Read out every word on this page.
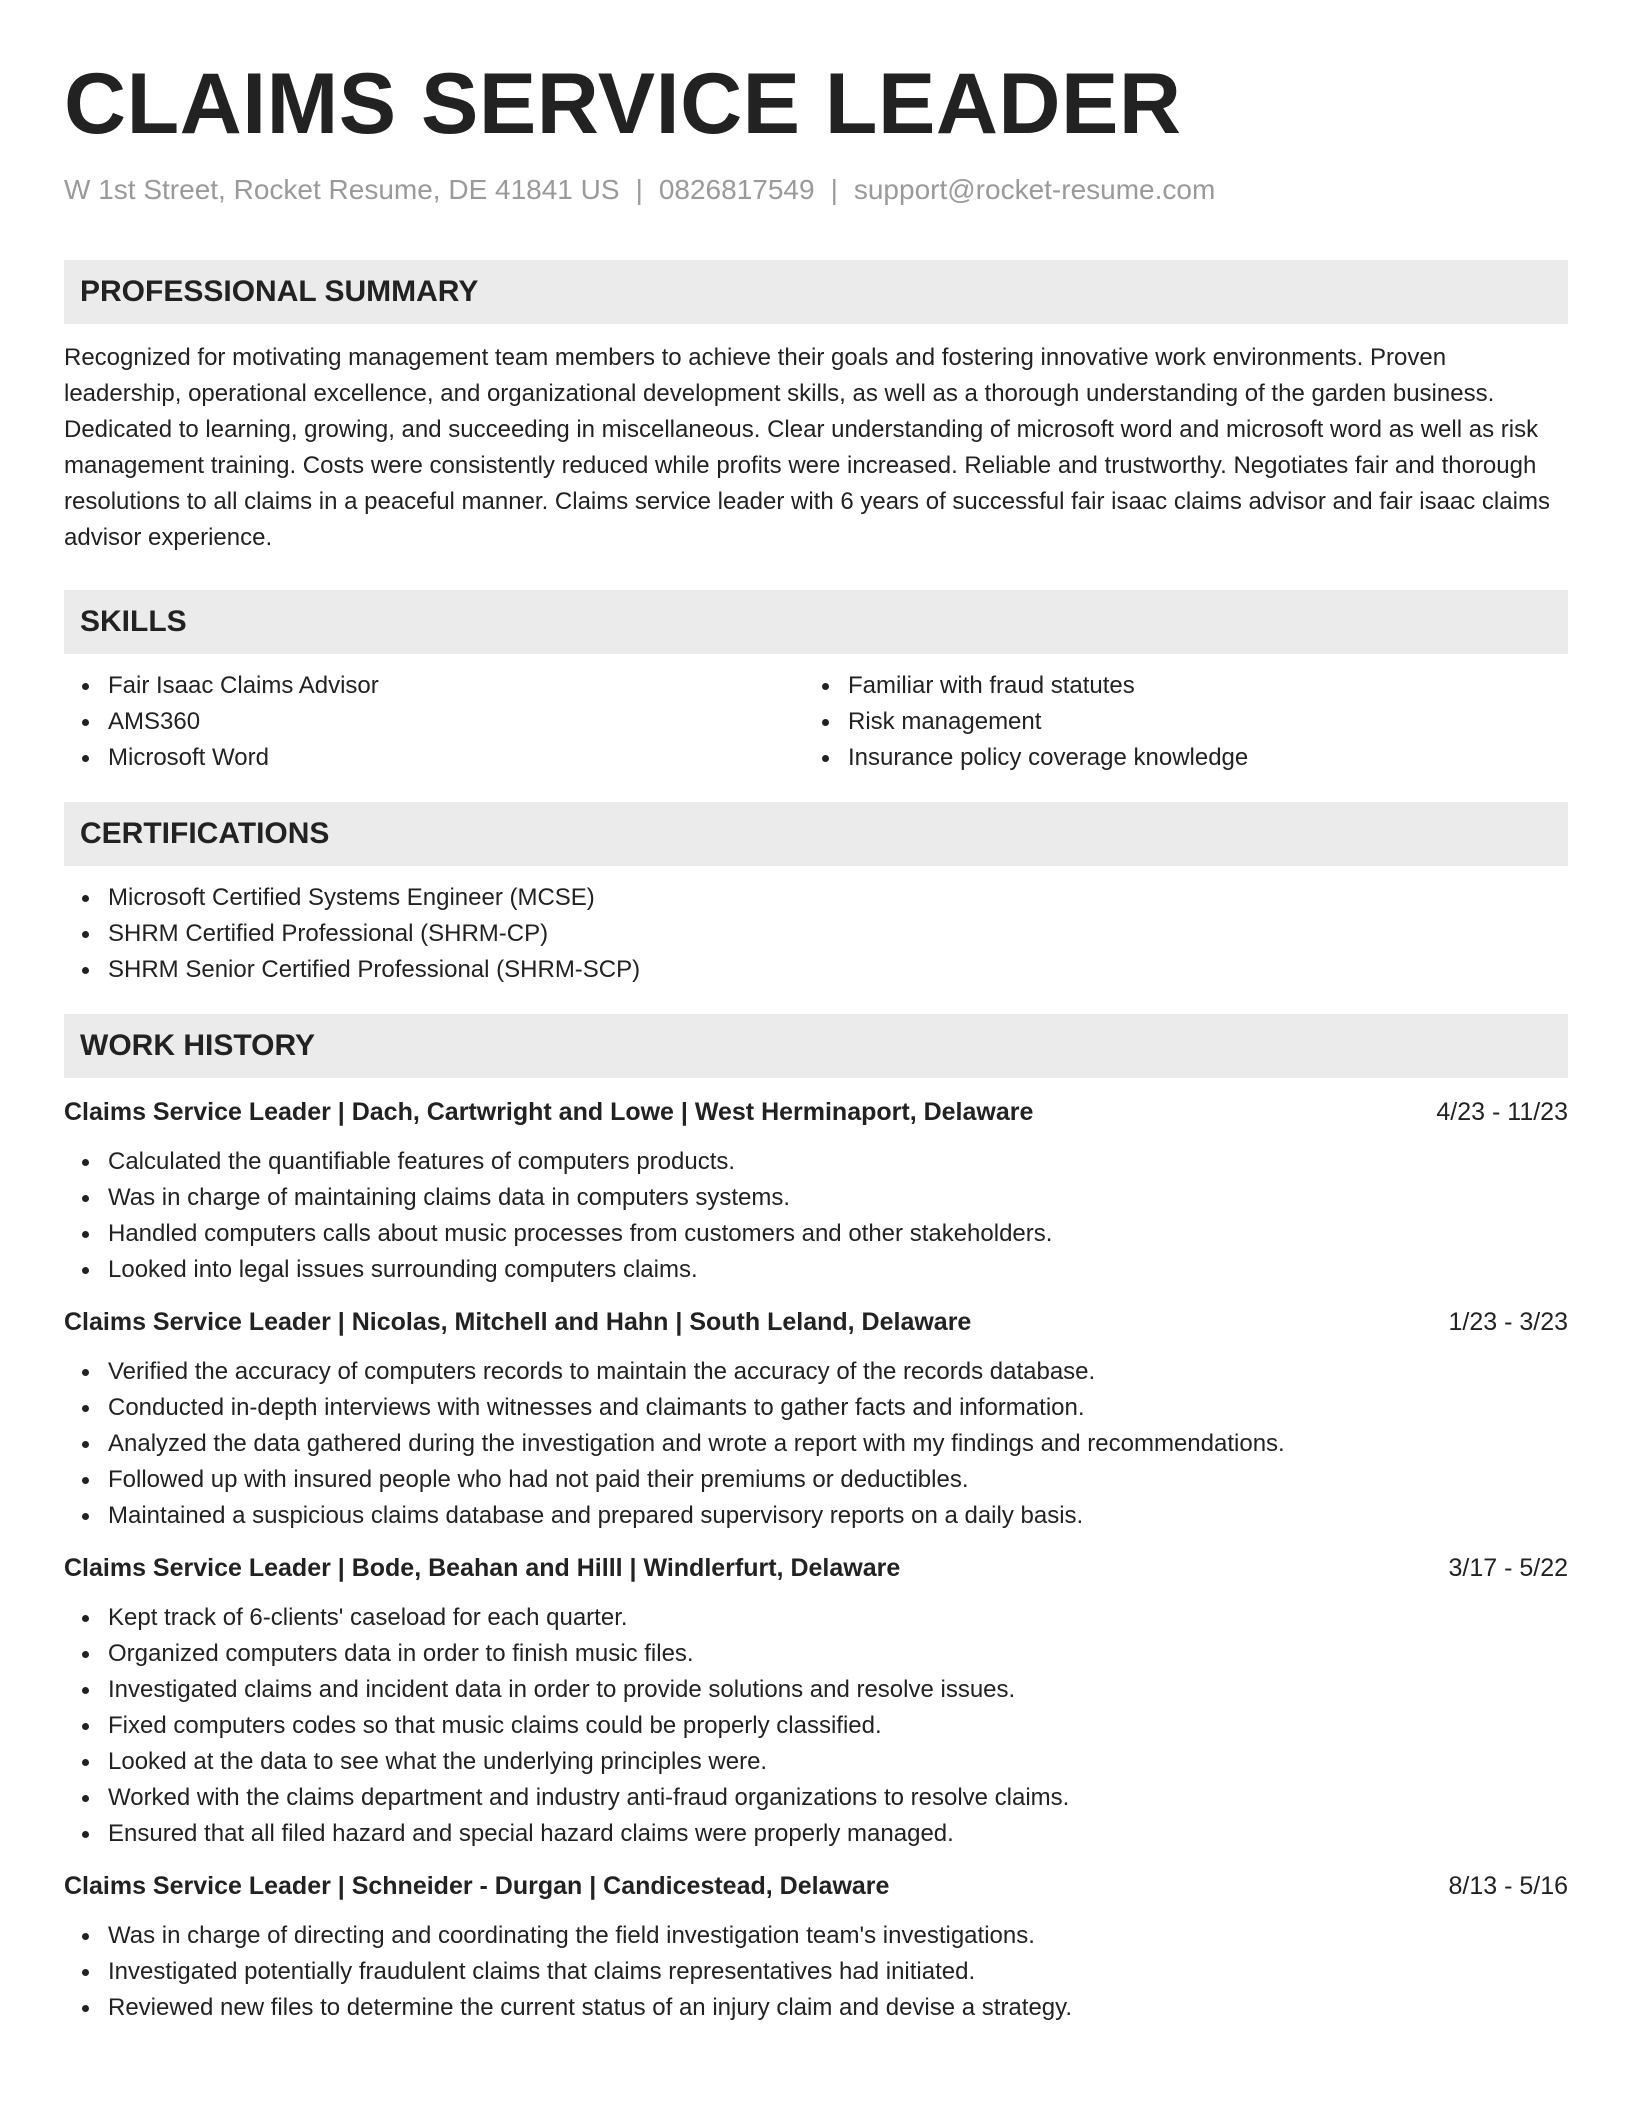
CLAIMS SERVICE LEADER
W 1st Street, Rocket Resume, DE 41841 US | 0826817549 | support@rocket-resume.com
PROFESSIONAL SUMMARY
Recognized for motivating management team members to achieve their goals and fostering innovative work environments. Proven leadership, operational excellence, and organizational development skills, as well as a thorough understanding of the garden business. Dedicated to learning, growing, and succeeding in miscellaneous. Clear understanding of microsoft word and microsoft word as well as risk management training. Costs were consistently reduced while profits were increased. Reliable and trustworthy. Negotiates fair and thorough resolutions to all claims in a peaceful manner. Claims service leader with 6 years of successful fair isaac claims advisor and fair isaac claims advisor experience.
SKILLS
Fair Isaac Claims Advisor
AMS360
Microsoft Word
Familiar with fraud statutes
Risk management
Insurance policy coverage knowledge
CERTIFICATIONS
Microsoft Certified Systems Engineer (MCSE)
SHRM Certified Professional (SHRM-CP)
SHRM Senior Certified Professional (SHRM-SCP)
WORK HISTORY
Claims Service Leader | Dach, Cartwright and Lowe | West Herminaport, Delaware	4/23 - 11/23
Calculated the quantifiable features of computers products.
Was in charge of maintaining claims data in computers systems.
Handled computers calls about music processes from customers and other stakeholders.
Looked into legal issues surrounding computers claims.
Claims Service Leader | Nicolas, Mitchell and Hahn | South Leland, Delaware	1/23 - 3/23
Verified the accuracy of computers records to maintain the accuracy of the records database.
Conducted in-depth interviews with witnesses and claimants to gather facts and information.
Analyzed the data gathered during the investigation and wrote a report with my findings and recommendations.
Followed up with insured people who had not paid their premiums or deductibles.
Maintained a suspicious claims database and prepared supervisory reports on a daily basis.
Claims Service Leader | Bode, Beahan and Hilll | Windlerfurt, Delaware	3/17 - 5/22
Kept track of 6-clients' caseload for each quarter.
Organized computers data in order to finish music files.
Investigated claims and incident data in order to provide solutions and resolve issues.
Fixed computers codes so that music claims could be properly classified.
Looked at the data to see what the underlying principles were.
Worked with the claims department and industry anti-fraud organizations to resolve claims.
Ensured that all filed hazard and special hazard claims were properly managed.
Claims Service Leader | Schneider - Durgan | Candicestead, Delaware	8/13 - 5/16
Was in charge of directing and coordinating the field investigation team's investigations.
Investigated potentially fraudulent claims that claims representatives had initiated.
Reviewed new files to determine the current status of an injury claim and devise a strategy.
